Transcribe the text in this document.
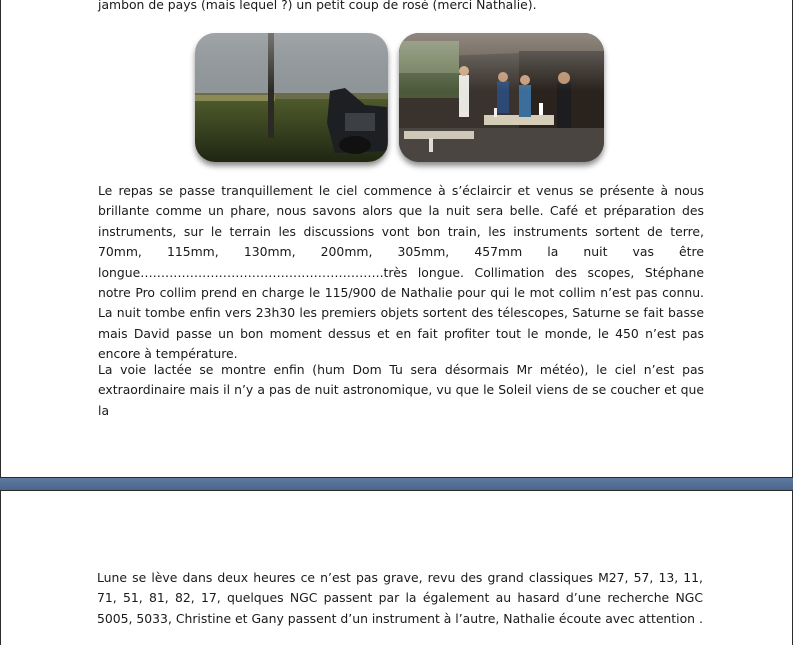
jambon de pays (mais lequel ?) un petit coup de rosé (merci Nathalie).

Le repas se passe tranquillement le ciel commence à s’éclaircir et venus se présente à nous brillante comme un phare, nous savons alors que la nuit sera belle. Café et préparation des instruments, sur le terrain les discussions vont bon train, les instruments sortent de terre, 70mm, 115mm, 130mm, 200mm, 305mm, 457mm la nuit vas être longue…………………………………………………..très longue. Collimation des scopes, Stéphane notre Pro collim prend en charge le 115/900 de Nathalie pour qui le mot collim n’est pas connu. La nuit tombe enfin vers 23h30 les premiers objets sortent des télescopes, Saturne se fait basse mais David passe un bon moment dessus et en fait profiter tout le monde, le 450 n’est pas encore à température.

La voie lactée se montre enfin (hum Dom Tu sera désormais Mr météo), le ciel n’est pas extraordinaire mais il n’y a pas de nuit astronomique, vu que le Soleil viens de se coucher et que la

Lune se lève dans deux heures ce n’est pas grave, revu des grand classiques M27, 57, 13, 11, 71, 51, 81, 82, 17, quelques NGC passent par la également au hasard d’une recherche NGC 5005, 5033, Christine et Gany passent d’un instrument à l’autre, Nathalie écoute avec attention .
